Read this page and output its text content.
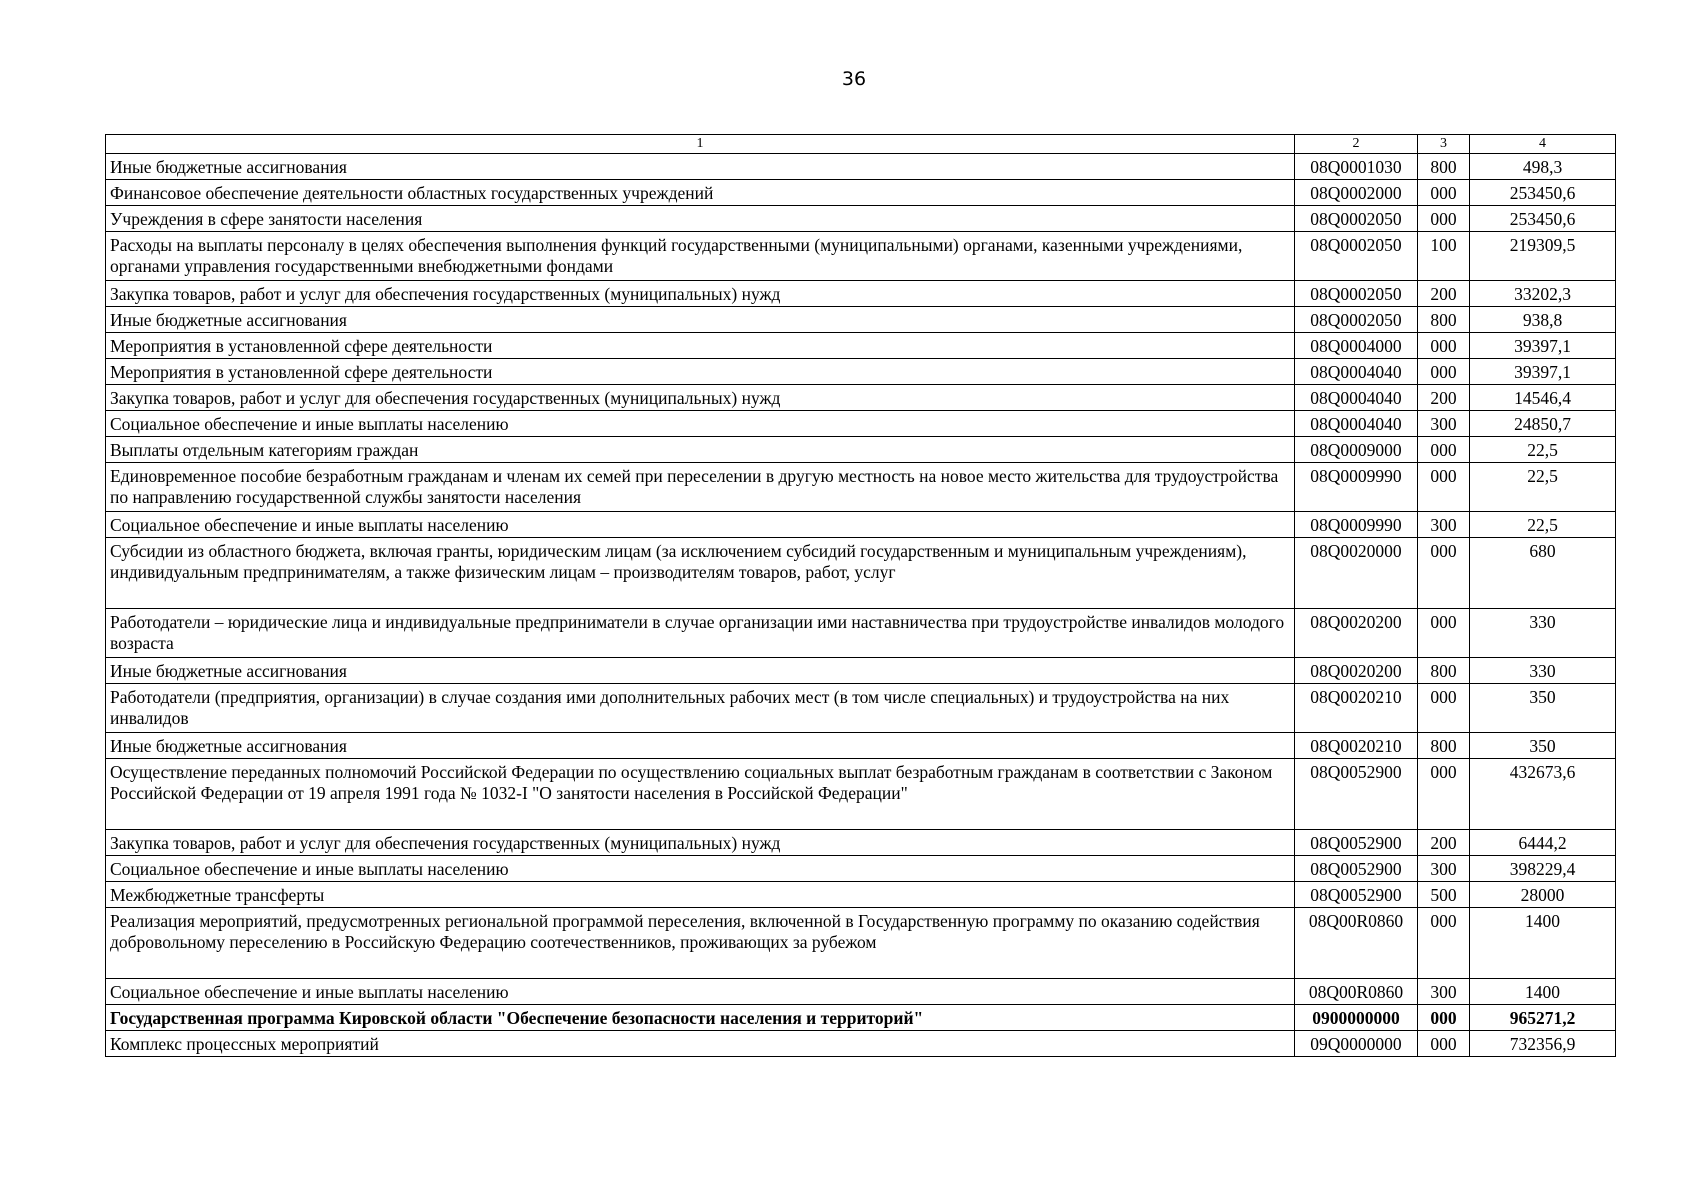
36
1	2	3	4
Иные бюджетные ассигнования	08Q0001030	800	498,3
Финансовое обеспечение деятельности областных государственных учреждений	08Q0002000	000	253450,6
Учреждения в сфере занятости населения	08Q0002050	000	253450,6
Расходы на выплаты персоналу в целях обеспечения выполнения функций государственными (муниципальными) органами, казенными учреждениями, органами управления государственными внебюджетными фондами	08Q0002050	100	219309,5
Закупка товаров, работ и услуг для обеспечения государственных (муниципальных) нужд	08Q0002050	200	33202,3
Иные бюджетные ассигнования	08Q0002050	800	938,8
Мероприятия в установленной сфере деятельности	08Q0004000	000	39397,1
Мероприятия в установленной сфере деятельности	08Q0004040	000	39397,1
Закупка товаров, работ и услуг для обеспечения государственных (муниципальных) нужд	08Q0004040	200	14546,4
Социальное обеспечение и иные выплаты населению	08Q0004040	300	24850,7
Выплаты отдельным категориям граждан	08Q0009000	000	22,5
Единовременное пособие безработным гражданам и членам их семей при переселении в другую местность на новое место жительства для трудоустройства по направлению государственной службы занятости населения	08Q0009990	000	22,5
Социальное обеспечение и иные выплаты населению	08Q0009990	300	22,5
Субсидии из областного бюджета, включая гранты, юридическим лицам (за исключением субсидий государственным и муниципальным учреждениям), индивидуальным предпринимателям, а также физическим лицам – производителям товаров, работ, услуг	08Q0020000	000	680
Работодатели – юридические лица и индивидуальные предприниматели в случае организации ими наставничества при трудоустройстве инвалидов молодого возраста	08Q0020200	000	330
Иные бюджетные ассигнования	08Q0020200	800	330
Работодатели (предприятия, организации) в случае создания ими дополнительных рабочих мест (в том числе специальных) и трудоустройства на них инвалидов	08Q0020210	000	350
Иные бюджетные ассигнования	08Q0020210	800	350
Осуществление переданных полномочий Российской Федерации по осуществлению социальных выплат безработным гражданам в соответствии с Законом Российской Федерации от 19 апреля 1991 года № 1032-I "О занятости населения в Российской Федерации"	08Q0052900	000	432673,6
Закупка товаров, работ и услуг для обеспечения государственных (муниципальных) нужд	08Q0052900	200	6444,2
Социальное обеспечение и иные выплаты населению	08Q0052900	300	398229,4
Межбюджетные трансферты	08Q0052900	500	28000
Реализация мероприятий, предусмотренных региональной программой переселения, включенной в Государственную программу по оказанию содействия добровольному переселению в Российскую Федерацию соотечественников, проживающих за рубежом	08Q00R0860	000	1400
Социальное обеспечение и иные выплаты населению	08Q00R0860	300	1400
Государственная программа Кировской области "Обеспечение безопасности населения и территорий"	0900000000	000	965271,2
Комплекс процессных мероприятий	09Q0000000	000	732356,9
